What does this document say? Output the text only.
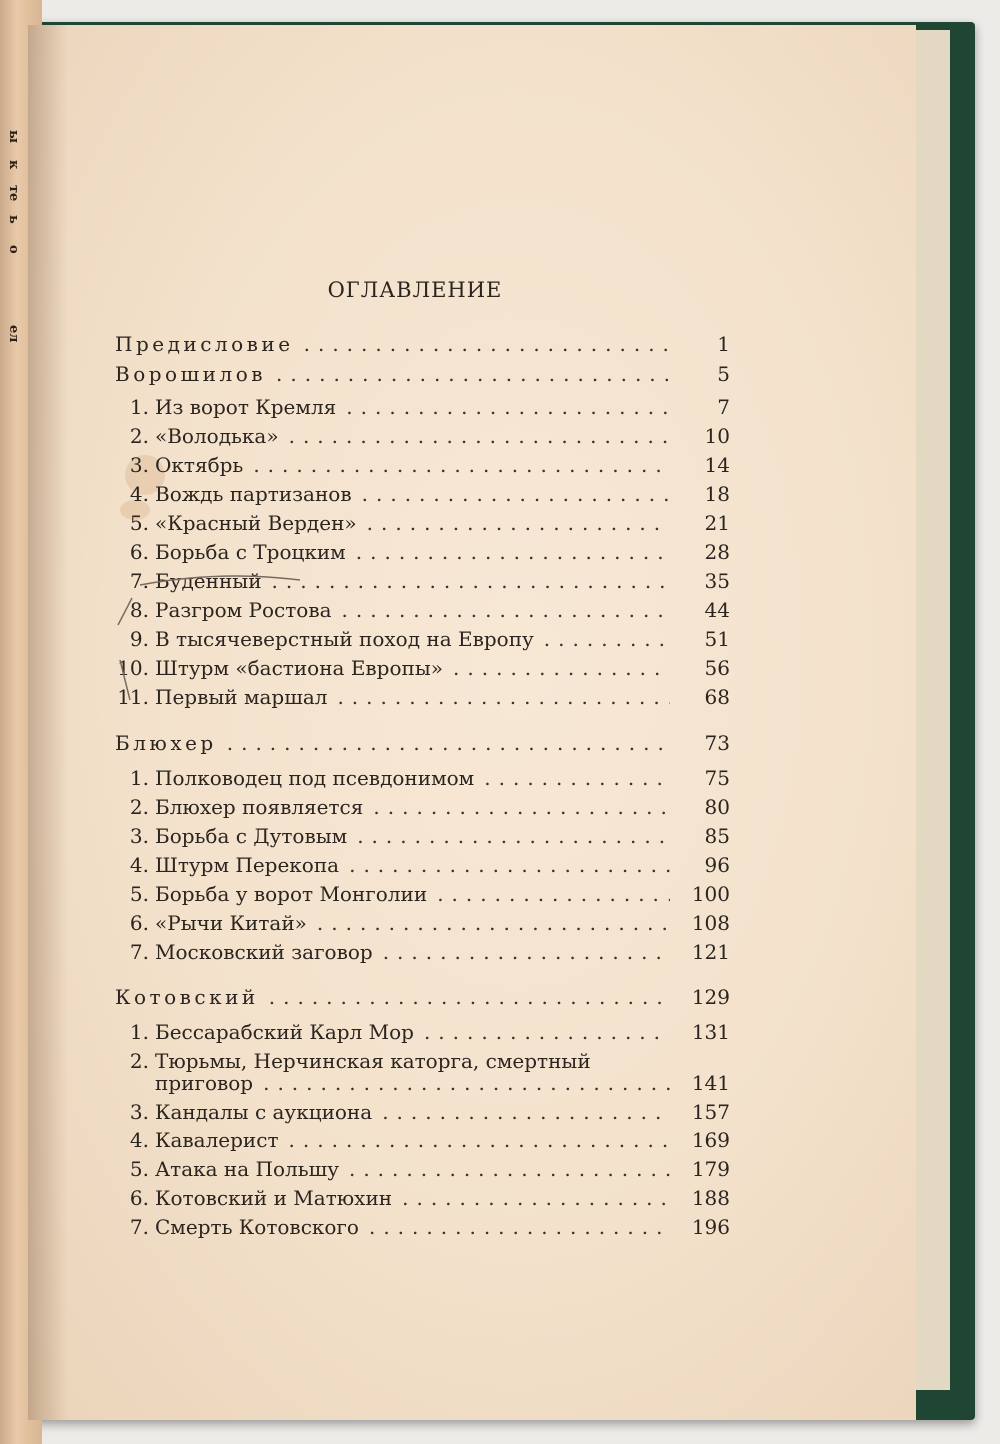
ы
к
те
ь
о
ел
ОГЛАВЛЕНИЕ
Предисловие .....	1
Ворошилов .....	5
1. Из ворот Кремля .....	7
2. «Володька» .....	10
3. Октябрь .....	14
4. Вождь партизанов .....	18
5. «Красный Верден» .....	21
6. Борьба с Троцким .....	28
7. Буденный .....	35
8. Разгром Ростова .....	44
9. В тысячеверстный поход на Европу .....	51
10. Штурм «бастиона Европы» .....	56
11. Первый маршал .....	68
Блюхер .....	73
1. Полководец под псевдонимом .....	75
2. Блюхер появляется .....	80
3. Борьба с Дутовым .....	85
4. Штурм Перекопа .....	96
5. Борьба у ворот Монголии .....	100
6. «Рычи Китай» .....	108
7. Московский заговор .....	121
Котовский .....	129
1. Бессарабский Карл Мор .....	131
2. Тюрьмы, Нерчинская каторга, смертный
приговор .....	141
3. Кандалы с аукциона .....	157
4. Кавалерист .....	169
5. Атака на Польшу .....	179
6. Котовский и Матюхин .....	188
7. Смерть Котовского .....	196
